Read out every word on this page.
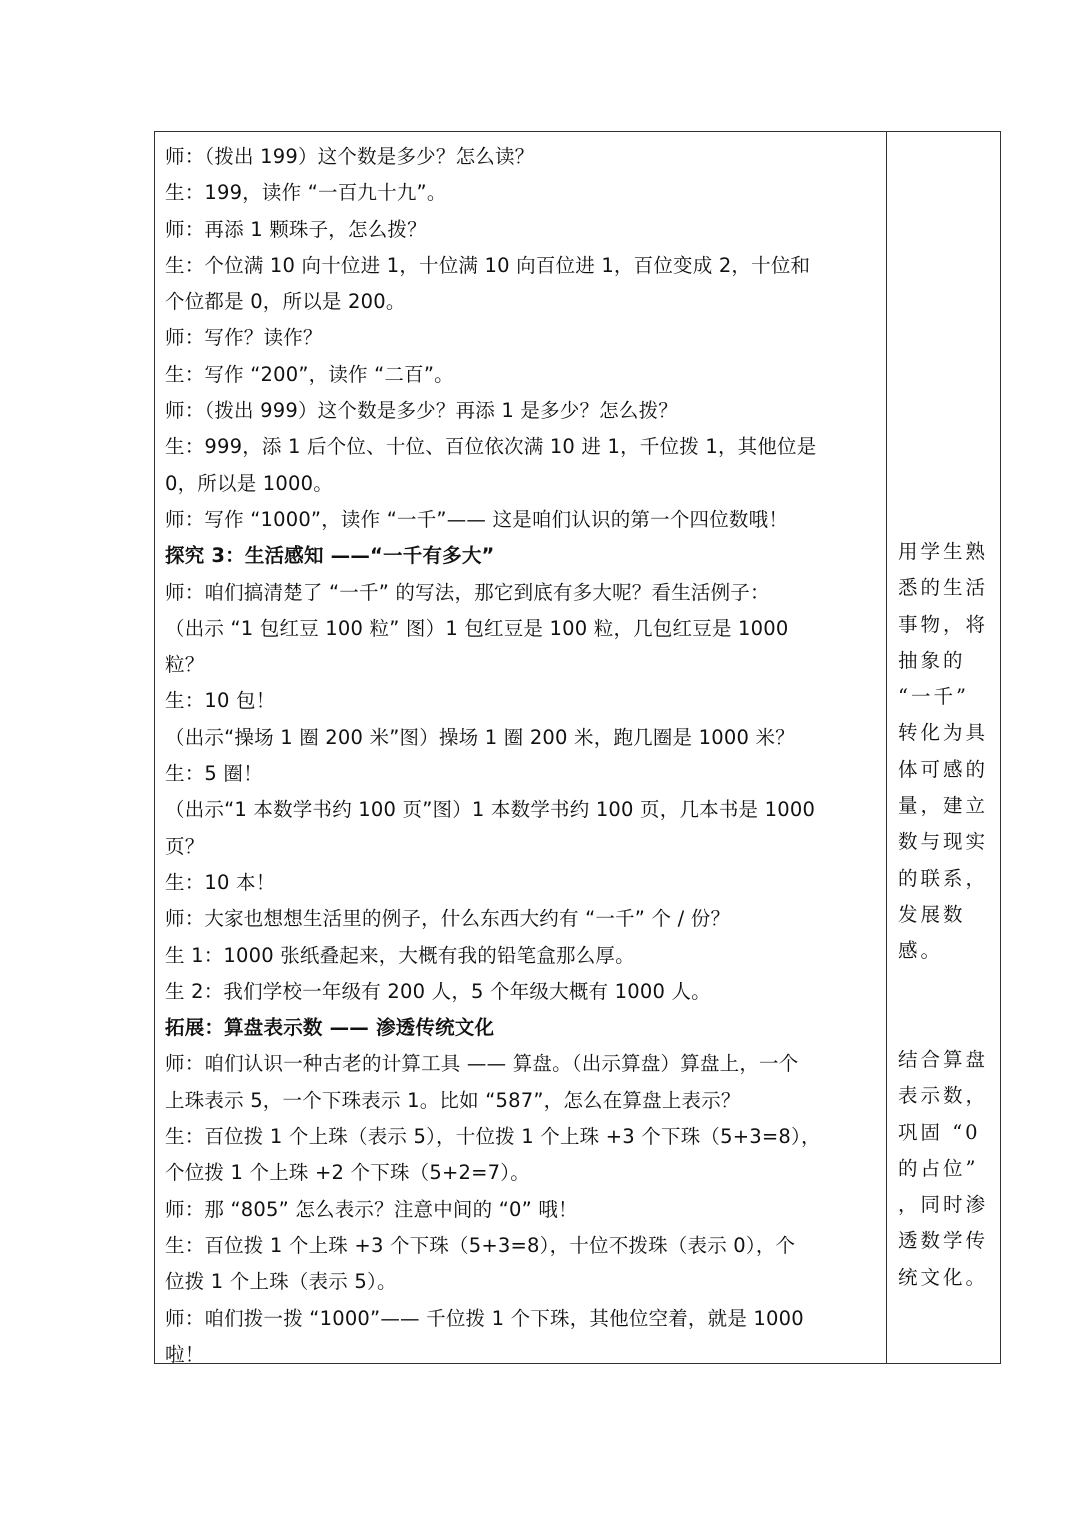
师：（拨出 199）这个数是多少？怎么读？
生：199，读作 “一百九十九”。
师：再添 1 颗珠子，怎么拨？
生：个位满 10 向十位进 1，十位满 10 向百位进 1，百位变成 2，十位和
个位都是 0，所以是 200。
师：写作？读作？
生：写作 “200”，读作 “二百”。
师：（拨出 999）这个数是多少？再添 1 是多少？怎么拨？
生：999，添 1 后个位、十位、百位依次满 10 进 1，千位拨 1，其他位是
0，所以是 1000。
师：写作 “1000”，读作 “一千”—— 这是咱们认识的第一个四位数哦！
探究 3：生活感知 ——“一千有多大”
师：咱们搞清楚了 “一千” 的写法，那它到底有多大呢？看生活例子：
（出示 “1 包红豆 100 粒” 图）1 包红豆是 100 粒，几包红豆是 1000
粒？
生：10 包！
（出示“操场 1 圈 200 米”图）操场 1 圈 200 米，跑几圈是 1000 米？
生：5 圈！
（出示“1 本数学书约 100 页”图）1 本数学书约 100 页，几本书是 1000
页？
生：10 本！
师：大家也想想生活里的例子，什么东西大约有 “一千” 个 / 份？
生 1：1000 张纸叠起来，大概有我的铅笔盒那么厚。
生 2：我们学校一年级有 200 人，5 个年级大概有 1000 人。
拓展：算盘表示数 —— 渗透传统文化
师：咱们认识一种古老的计算工具 —— 算盘。（出示算盘）算盘上，一个
上珠表示 5，一个下珠表示 1。比如 “587”，怎么在算盘上表示？
生：百位拨 1 个上珠（表示 5），十位拨 1 个上珠 +3 个下珠（5+3=8），
个位拨 1 个上珠 +2 个下珠（5+2=7）。
师：那 “805” 怎么表示？注意中间的 “0” 哦！
生：百位拨 1 个上珠 +3 个下珠（5+3=8），十位不拨珠（表示 0），个
位拨 1 个上珠（表示 5）。
师：咱们拨一拨 “1000”—— 千位拨 1 个下珠，其他位空着，就是 1000
啦！
用学生熟
悉的生活
事物，将
抽象的
“一千”
转化为具
体可感的
量，建立
数与现实
的联系，
发展数
感。
结合算盘
表示数，
巩固 “0
的占位”
，同时渗
透数学传
统文化。
